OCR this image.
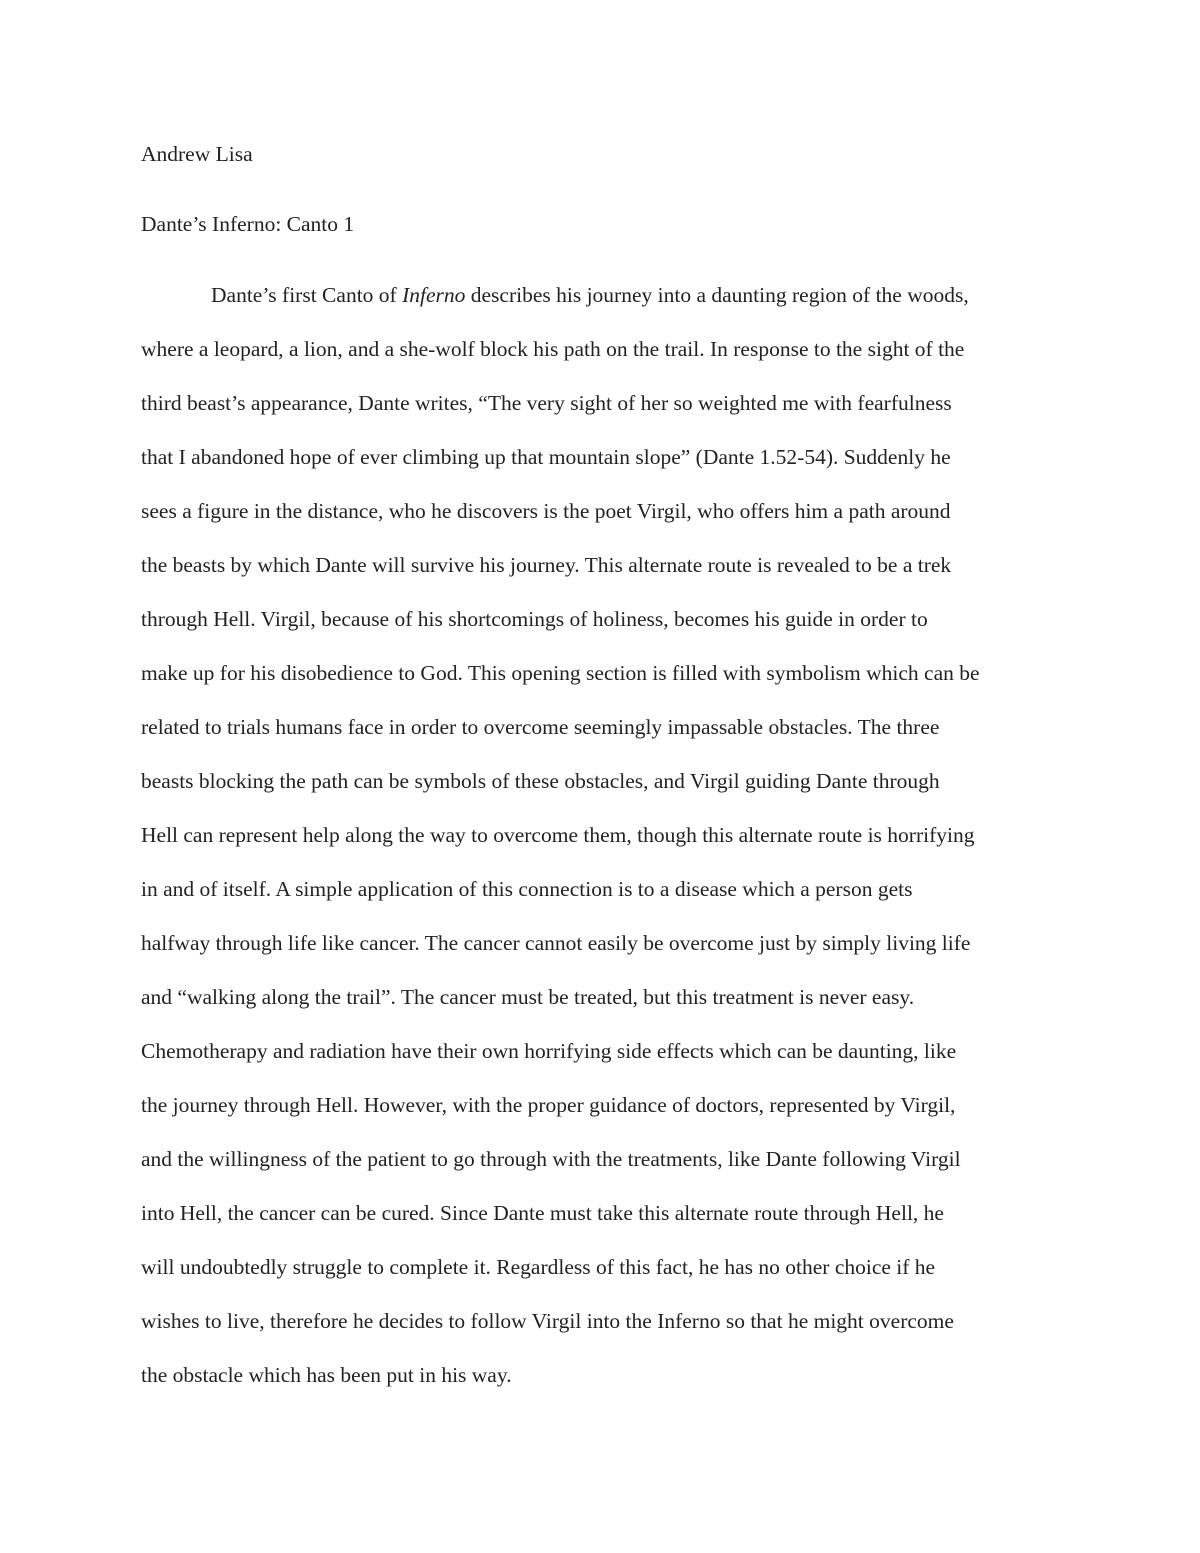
Andrew Lisa

Dante’s Inferno: Canto 1

Dante’s first Canto of Inferno describes his journey into a daunting region of the woods,
where a leopard, a lion, and a she-wolf block his path on the trail. In response to the sight of the
third beast’s appearance, Dante writes, “The very sight of her so weighted me with fearfulness
that I abandoned hope of ever climbing up that mountain slope” (Dante 1.52-54). Suddenly he
sees a figure in the distance, who he discovers is the poet Virgil, who offers him a path around
the beasts by which Dante will survive his journey. This alternate route is revealed to be a trek
through Hell. Virgil, because of his shortcomings of holiness, becomes his guide in order to
make up for his disobedience to God. This opening section is filled with symbolism which can be
related to trials humans face in order to overcome seemingly impassable obstacles. The three
beasts blocking the path can be symbols of these obstacles, and Virgil guiding Dante through
Hell can represent help along the way to overcome them, though this alternate route is horrifying
in and of itself. A simple application of this connection is to a disease which a person gets
halfway through life like cancer. The cancer cannot easily be overcome just by simply living life
and “walking along the trail”. The cancer must be treated, but this treatment is never easy.
Chemotherapy and radiation have their own horrifying side effects which can be daunting, like
the journey through Hell. However, with the proper guidance of doctors, represented by Virgil,
and the willingness of the patient to go through with the treatments, like Dante following Virgil
into Hell, the cancer can be cured. Since Dante must take this alternate route through Hell, he
will undoubtedly struggle to complete it. Regardless of this fact, he has no other choice if he
wishes to live, therefore he decides to follow Virgil into the Inferno so that he might overcome
the obstacle which has been put in his way.
